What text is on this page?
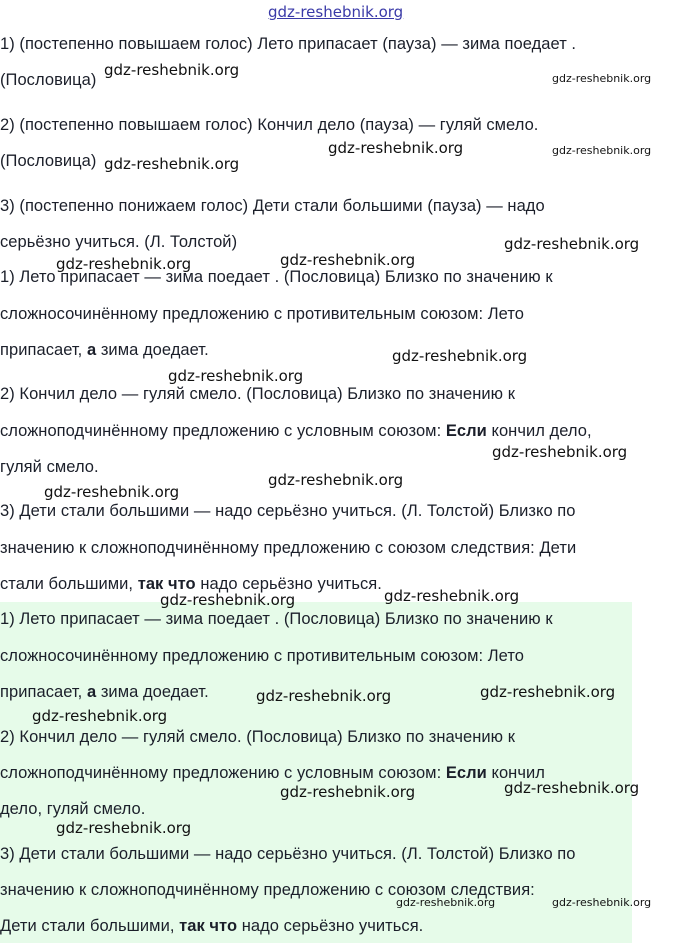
gdz-reshebnik.org
1) (постепенно повышаем голос) Лето припасает (пауза) — зима поедает .
(Пословица)
2) (постепенно повышаем голос) Кончил дело (пауза) — гуляй смело.
(Пословица)
3) (постепенно понижаем голос) Дети стали большими (пауза) — надо
серьёзно учиться. (Л. Толстой)
1) Лето припасает — зима поедает . (Пословица) Близко по значению к
сложносочинённому предложению с противительным союзом: Лето
припасает, а зима доедает.
2) Кончил дело — гуляй смело. (Пословица) Близко по значению к
сложноподчинённому предложению с условным союзом: Если кончил дело,
гуляй смело.
3) Дети стали большими — надо серьёзно учиться. (Л. Толстой) Близко по
значению к сложноподчинённому предложению с союзом следствия: Дети
стали большими, так что надо серьёзно учиться.
1) Лето припасает — зима поедает . (Пословица) Близко по значению к
сложносочинённому предложению с противительным союзом: Лето
припасает, а зима доедает.
2) Кончил дело — гуляй смело. (Пословица) Близко по значению к
сложноподчинённому предложению с условным союзом: Если кончил
дело, гуляй смело.
3) Дети стали большими — надо серьёзно учиться. (Л. Толстой) Близко по
значению к сложноподчинённому предложению с союзом следствия:
Дети стали большими, так что надо серьёзно учиться.
gdz-reshebnik.org	gdz-reshebnik.org
gdz-reshebnik.org
gdz-reshebnik.org
gdz-reshebnik.org
gdz-reshebnik.org
gdz-reshebnik.org	gdz-reshebnik.org
gdz-reshebnik.org
gdz-reshebnik.org
gdz-reshebnik.org
gdz-reshebnik.org
gdz-reshebnik.org
gdz-reshebnik.org
gdz-reshebnik.org
gdz-reshebnik.org
gdz-reshebnik.org
gdz-reshebnik.org
gdz-reshebnik.org
gdz-reshebnik.org
gdz-reshebnik.org
gdz-reshebnik.org	gdz-reshebnik.org
